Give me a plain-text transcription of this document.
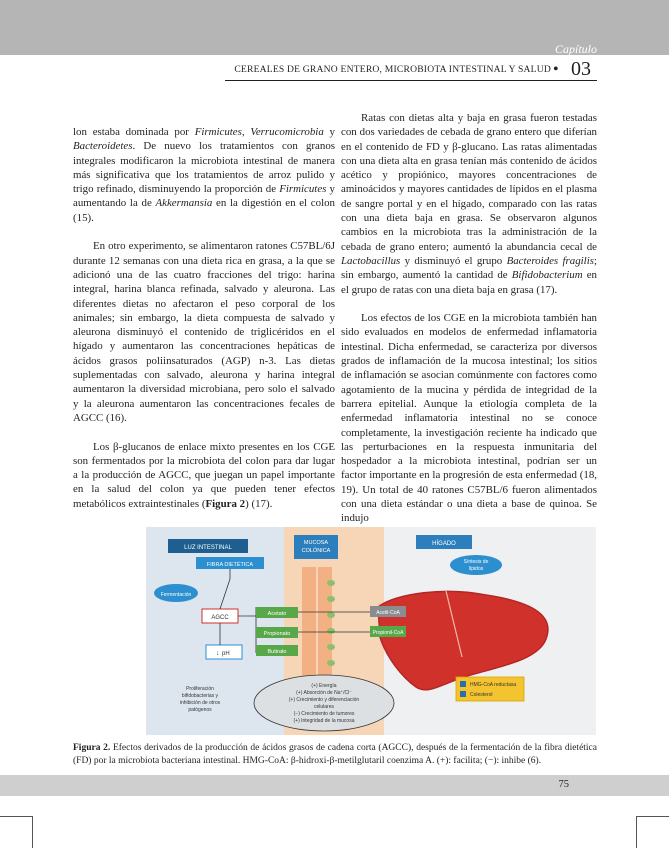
Capítulo
CEREALES DE GRANO ENTERO, MICROBIOTA INTESTINAL Y SALUD • 03

lon estaba dominada por Firmicutes, Verrucomicrobia y Bacteroidetes. De nuevo los tratamientos con granos integrales modificaron la microbiota intestinal de manera más significativa que los tratamientos de arroz pulido y trigo refinado, disminuyendo la proporción de Firmicutes y aumentando la de Akkermansia en la digestión en el colon (15).

En otro experimento, se alimentaron ratones C57BL/6J durante 12 semanas con una dieta rica en grasa, a la que se adicionó una de las cuatro fracciones del trigo: harina integral, harina blanca refinada, salvado y aleurona. Las diferentes dietas no afectaron el peso corporal de los animales; sin embargo, la dieta compuesta de salvado y aleurona disminuyó el contenido de triglicéridos en el hígado y aumentaron las concentraciones hepáticas de ácidos grasos poliinsaturados (AGP) n-3. Las dietas suplementadas con salvado, aleurona y harina integral aumentaron la diversidad microbiana, pero solo el salvado y la aleurona aumentaron las concentraciones fecales de AGCC (16).

Los β-glucanos de enlace mixto presentes en los CGE son fermentados por la microbiota del colon para dar lugar a la producción de AGCC, que juegan un papel importante en la salud del colon ya que pueden tener efectos metabólicos extraintestinales (Figura 2) (17).

Ratas con dietas alta y baja en grasa fueron testadas con dos variedades de cebada de grano entero que diferían en el contenido de FD y β-glucano. Las ratas alimentadas con una dieta alta en grasa tenían más contenido de ácidos acético y propiónico, mayores concentraciones de aminoácidos y mayores cantidades de lípidos en el plasma de sangre portal y en el hígado, comparado con las ratas con una dieta baja en grasa. Se observaron algunos cambios en la microbiota tras la administración de la cebada de grano entero; aumentó la abundancia cecal de Lactobacillus y disminuyó el grupo Bacteroides fragilis; sin embargo, aumentó la cantidad de Bifidobacterium en el grupo de ratas con una dieta baja en grasa (17).

Los efectos de los CGE en la microbiota también han sido evaluados en modelos de enfermedad inflamatoria intestinal. Dicha enfermedad, se caracteriza por diversos grados de inflamación de la mucosa intestinal; los sitios de inflamación se asocian comúnmente con factores como agotamiento de la mucina y pérdida de integridad de la barrera epitelial. Aunque la etiología completa de la enfermedad inflamatoria intestinal no se conoce completamente, la investigación reciente ha indicado que las perturbaciones en la respuesta inmunitaria del hospedador a la microbiota intestinal, podrían ser un factor importante en la progresión de esta enfermedad (18, 19). Un total de 40 ratones C57BL/6 fueron alimentados con una dieta estándar o una dieta a base de quinoa. Se indujo

LUZ INTESTINAL
MUCOSA
COLÓNICA
HÍGADO
FIBRA DIETÉTICA
Fermentación
AGCC
↓ pH
Proliferación
bifidobacterias y
inhibición de otros
patógenos
Acetato
Propionato
Butirato
(+) Energía
(+) Absorción de Na⁺/Cl⁻
(+) Crecimiento y diferenciación
celulares
(−) Crecimiento de tumores
(+) Integridad de la mucosa
Acetil-CoA
Propionil-CoA
Síntesis de
lípidos
HMG-CoA reductasa
Colesterol
Figura 2. Efectos derivados de la producción de ácidos grasos de cadena corta (AGCC), después de la fermentación de la fibra dietética (FD) por la microbiota bacteriana intestinal. HMG-CoA: β-hidroxi-β-metilglutaril coenzima A. (+): facilita; (−): inhibe (6).
75
